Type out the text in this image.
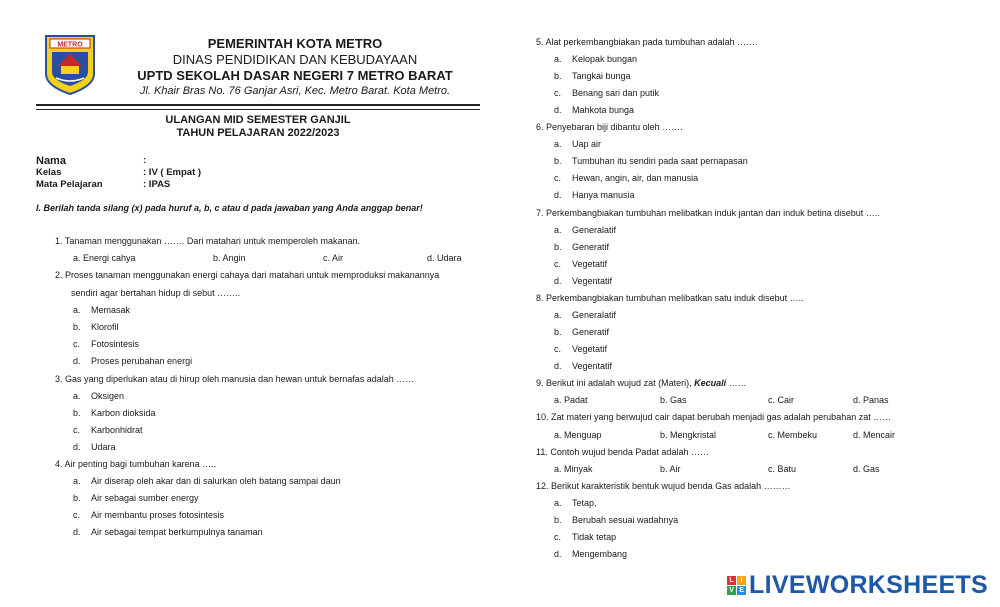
METRO	PEMERINTAH KOTA METRO
DINAS PENDIDIKAN DAN KEBUDAYAAN
UPTD SEKOLAH DASAR NEGERI 7 METRO BARAT
Jl. Khair Bras No. 76 Ganjar Asri, Kec. Metro Barat. Kota Metro.
ULANGAN MID SEMESTER GANJIL
TAHUN PELAJARAN 2022/2023
Nama	:
Kelas	: IV ( Empat )
Mata Pelajaran	: IPAS
I. Berilah tanda silang (x) pada huruf a, b, c atau d pada jawaban yang Anda anggap benar!
1. Tanaman menggunakan ……. Dari matahari untuk memperoleh makanan.
a. Energi cahya	b. Angin	c. Air	d. Udara
2. Proses tanaman menggunakan energi cahaya dari matahari untuk memproduksi makanannya
sendiri agar bertahan hidup di sebut ……..
a. Memasak
b. Klorofil
c. Fotosintesis
d. Proses perubahan energi
3. Gas yang diperlukan atau di hirup oleh manusia dan hewan untuk bernafas adalah ……
a. Oksigen
b. Karbon dioksida
c. Karbonhidrat
d. Udara
4. Air penting bagi tumbuhan karena …..
a. Air diserap oleh akar dan di salurkan oleh batang sampai daun
b. Air sebagai sumber energy
c. Air membantu proses fotosintesis
d. Air sebagai tempat berkumpulnya tanaman
5. Alat perkembangbiakan pada tumbuhan adalah …….
a. Kelopak bungan
b. Tangkai bunga
c. Benang sari dan putik
d. Mahkota bunga
6. Penyebaran biji dibantu oleh …….
a. Uap air
b. Tumbuhan itu sendiri pada saat pernapasan
c. Hewan, angin, air, dan manusia
d. Hanya manusia
7. Perkembangbiakan tumbuhan melibatkan induk jantan dan induk betina disebut …..
a. Generalatif
b. Generatif
c. Vegetatif
d. Vegentatif
8. Perkembangbiakan tumbuhan melibatkan satu induk disebut …..
a. Generalatif
b. Generatif
c. Vegetatif
d. Vegentatif
9. Berikut ini adalah wujud zat (Materi), Kecuali ……
a. Padat	b. Gas	c. Cair	d. Panas
10. Zat materi yang berwujud cair dapat berubah menjadi gas adalah perubahan zat ……
a. Menguap	b. Mengkristal	c. Membeku	d. Mencair
11. Contoh wujud benda Padat adalah ……
a. Minyak	b. Air	c. Batu	d. Gas
12. Berikut karakteristik bentuk wujud benda Gas adalah ………
a. Tetap,
b. Berubah sesuai wadahnya
c. Tidak tetap
d. Mengembang
L I
V E LIVEWORKSHEETS
